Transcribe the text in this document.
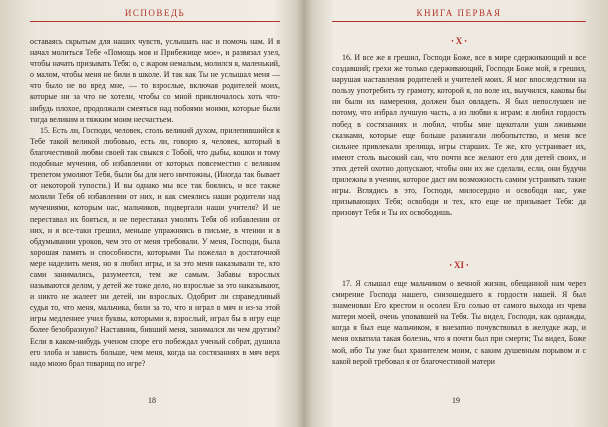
ИСПОВЕДЬ

оставаясь скрытым для наших чувств, услышать нас и помочь нам. И я начал молиться Тебе «Помощь моя и Прибежище мое», и развязал узел, чтобы начать призывать Тебя: о, с жаром немалым, молился я, маленький, о малом, чтобы меня не били в школе. И так как Ты не услышал меня — что было не во вред мне, — то взрослые, включая родителей моих, которые ни за что не хотели, чтобы со мной приключалось хоть что-нибудь плохое, продолжали смеяться над побоями моими, которые были тогда великим и тяжким моим несчастьем.

15. Есть ли, Господи, человек, столь великий духом, прилепившийся к Тебе такой великой любовью, есть ли, говорю я, человек, который в благочестивой любви своей так свыкся с Тобой, что дыбы, кошки и тому подобные мучения, об избавлении от которых повсеместно с великим трепетом умоляют Тебя, были бы для него ничтожны, (Иногда так бывает от некоторой тупости.) И вы однако мы все так боялись, и все также молили Тебя об избавлении от них, и как смеялись наши родители над мучениями, которым нас, мальчиков, подвергали наши учителя? И не переставал их бояться, и не переставал умолять Тебя об избавлении от них, и я все-таки грешил, меньше упражняясь в письме, в чтении и в обдумывании уроков, чем это от меня требовали. У меня, Господи, была хорошая память и способности, которыми Ты пожелал в достаточной мере наделить меня, но я любил игры, и за это меня наказывали те, кто сами занимались, разумеется, тем же самым. Забавы взрослых называются делом, у детей же тоже дело, но взрослые за это наказывают, и никто не жалеет ни детей, ни взрослых. Одобрит ли справедливый судья то, что меня, мальчика, били за то, что я играл в мяч и из-за этой игры медленнее учил буквы, которыми я, взрослый, играл бы в игру еще более безобразную? Наставник, бивший меня, занимался ли чем другим? Если в каком-нибудь ученом споре его побеждал ученый собрат, душила его злоба и зависть больше, чем меня, когда на состязаниях в мяч верх надо мною брал товарищ по игре?

18
КНИГА ПЕРВАЯ
• X •

16. И все же я грешил, Господи Боже, все в мире сдерживающий и все создавший; грехи же только сдерживающий, Господи Боже мой, я грешил, нарушая наставления родителей и учителей моих. Я мог впоследствии на пользу употребить ту грамоту, которой я, по воле их, выучился, каковы бы ни были их намерения, должен был овладеть. Я был непослушен не потому, что избрал лучшую часть, а из любви к играм: я любил гордость побед в состязаниях и любил, чтобы мне щекотали уши лживыми сказками, которые еще больше разжигали любопытство, и меня все сильнее привлекали зрелища, игры старших. Те же, кто устраивает их, имеют столь высокий сан, что почти все желают его для детей своих, и этих детей охотно допускают, чтобы они их же сделали, если, они будучи прилежны в учении, которое даст им возможность самим устраивать такие игры. Вглядись в это, Господи, милосердно и освободи нас, уже призывающих Тебя; освободи и тех, кто еще не призывает Тебя: да призовут Тебя и Ты их освободишь.

• XI •

17. Я слышал еще мальчиком о вечной жизни, обещанной нам через смирение Господа нашего, снизошедшего к гордости нашей. Я был знаменован Его крестом и осолен Его солью от самого выхода из чрева матери моей, очень уповавшей на Тебя. Ты видел, Господи, как однажды, когда я был еще мальчиком, я внезапно почувствовал в желудке жар, и меня охватила такая болезнь, что я почти был при смерти; Ты видел, Боже мой, ибо Ты уже был хранителем моим, с каким душевным порывом и с какой верой требовал я от благочестивой матери

19
